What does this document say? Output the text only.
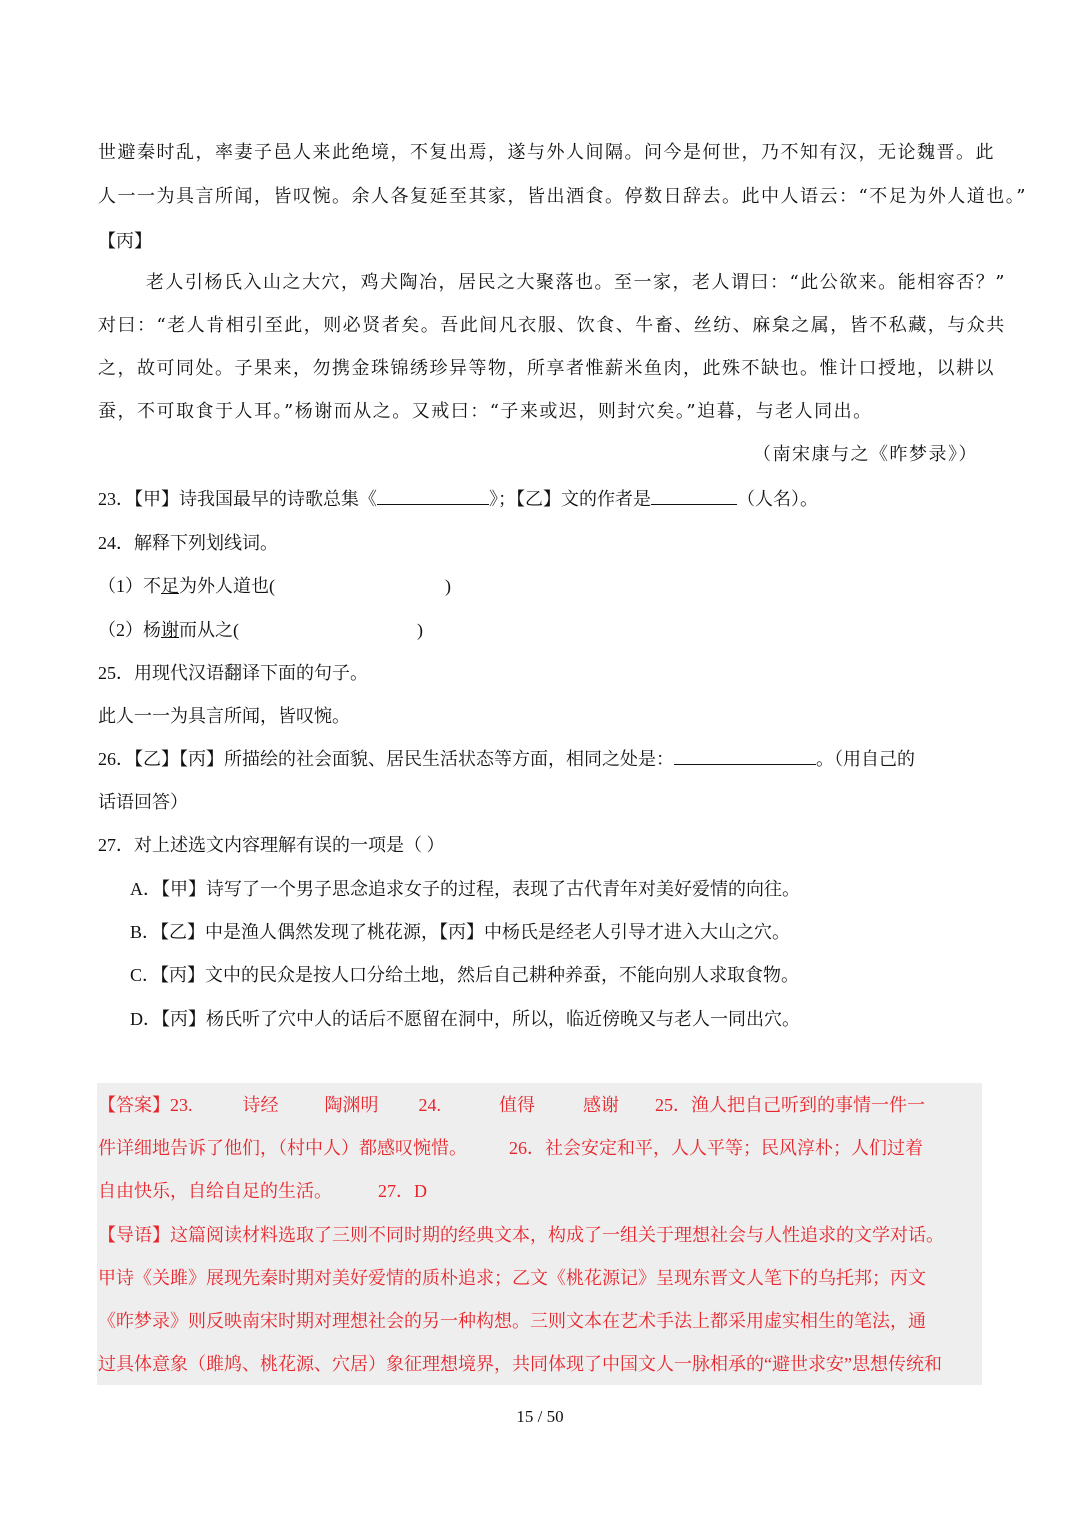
世避秦时乱，率妻子邑人来此绝境，不复出焉，遂与外人间隔。问今是何世，乃不知有汉，无论魏晋。此
人一一为具言所闻，皆叹惋。余人各复延至其家，皆出酒食。停数日辞去。此中人语云：“不足为外人道也。”
【丙】
老人引杨氏入山之大穴，鸡犬陶冶，居民之大聚落也。至一家，老人谓曰：“此公欲来。能相容否？”
对曰：“老人肯相引至此，则必贤者矣。吾此间凡衣服、饮食、牛畜、丝纺、麻枲之属，皆不私藏，与众共
之，故可同处。子果来，勿携金珠锦绣珍异等物，所享者惟薪米鱼肉，此殊不缺也。惟计口授地，以耕以
蚕，不可取食于人耳。”杨谢而从之。又戒曰：“子来或迟，则封穴矣。”迫暮，与老人同出。
（南宋康与之《昨梦录》）
23．【甲】诗我国最早的诗歌总集《	》；【乙】文的作者是	（人名）。
24．解释下列划线词。
（1）不足为外人道也(	)
（2）杨谢而从之(	)
25．用现代汉语翻译下面的句子。
此人一一为具言所闻，皆叹惋。
26．【乙】【丙】所描绘的社会面貌、居民生活状态等方面，相同之处是：	。（用自己的
话语回答）
27．对上述选文内容理解有误的一项是（ ）
A．【甲】诗写了一个男子思念追求女子的过程，表现了古代青年对美好爱情的向往。
B．【乙】中是渔人偶然发现了桃花源，【丙】中杨氏是经老人引导才进入大山之穴。
C．【丙】文中的民众是按人口分给土地，然后自己耕种养蚕，不能向别人求取食物。
D．【丙】杨氏听了穴中人的话后不愿留在洞中，所以，临近傍晚又与老人一同出穴。
【答案】23.	诗经	陶渊明 24.	值得	感谢 25．渔人把自己听到的事情一件一
件详细地告诉了他们，（村中人）都感叹惋惜。 26．社会安定和平，人人平等；民风淳朴；人们过着
自由快乐，自给自足的生活。	27．D
【导语】这篇阅读材料选取了三则不同时期的经典文本，构成了一组关于理想社会与人性追求的文学对话。
甲诗《关雎》展现先秦时期对美好爱情的质朴追求；乙文《桃花源记》呈现东晋文人笔下的乌托邦；丙文
《昨梦录》则反映南宋时期对理想社会的另一种构想。三则文本在艺术手法上都采用虚实相生的笔法，通
过具体意象（雎鸠、桃花源、穴居）象征理想境界，共同体现了中国文人一脉相承的“避世求安”思想传统和
15 / 50
